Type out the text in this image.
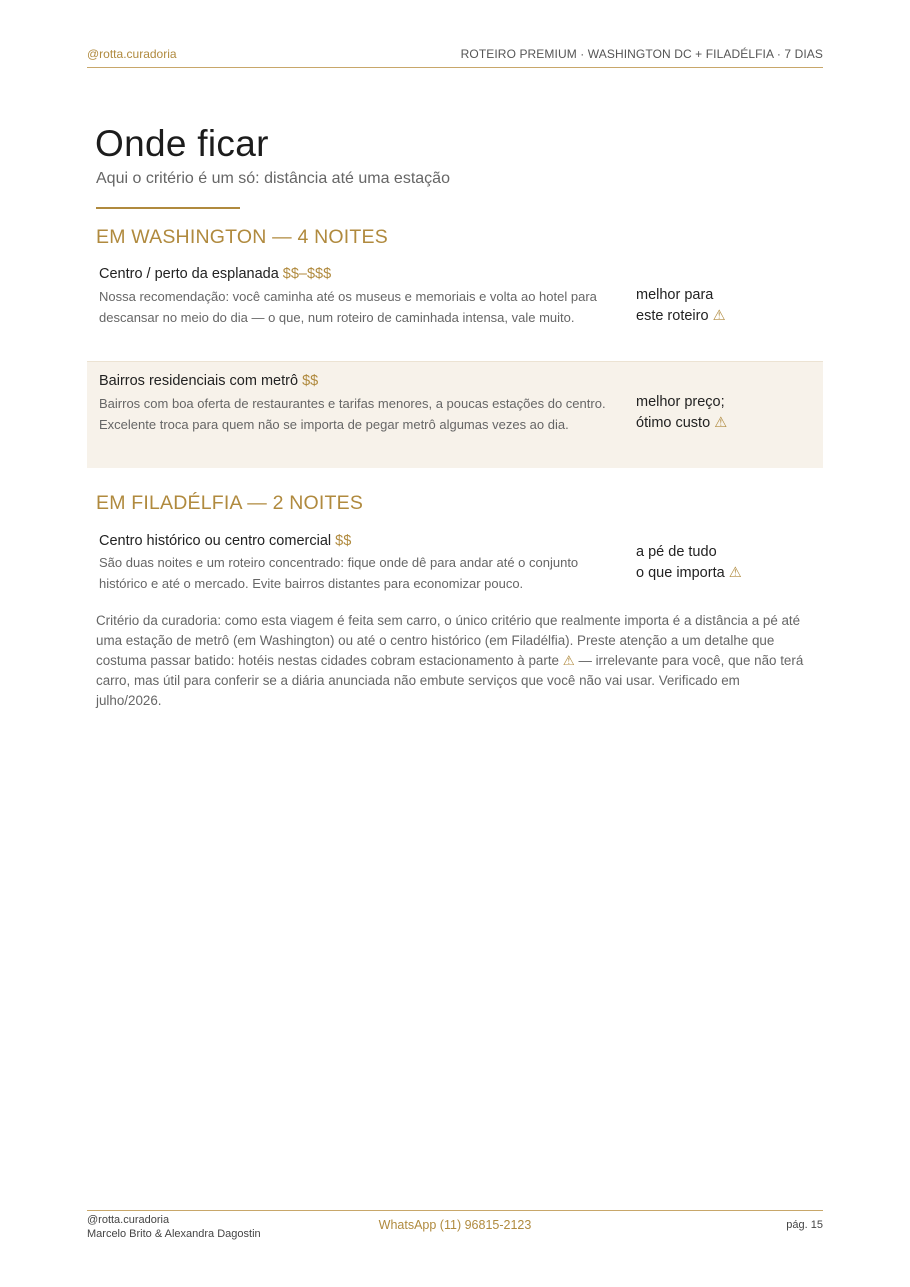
@rotta.curadoria	ROTEIRO PREMIUM · WASHINGTON DC + FILADÉLFIA · 7 DIAS
Onde ficar
Aqui o critério é um só: distância até uma estação
EM WASHINGTON — 4 NOITES
Centro / perto da esplanada $$–$$$
Nossa recomendação: você caminha até os museus e memoriais e volta ao hotel para descansar no meio do dia — o que, num roteiro de caminhada intensa, vale muito.
melhor para
este roteiro ⚠
Bairros residenciais com metrô $$
Bairros com boa oferta de restaurantes e tarifas menores, a poucas estações do centro. Excelente troca para quem não se importa de pegar metrô algumas vezes ao dia.
melhor preço;
ótimo custo ⚠
EM FILADÉLFIA — 2 NOITES
Centro histórico ou centro comercial $$
São duas noites e um roteiro concentrado: fique onde dê para andar até o conjunto histórico e até o mercado. Evite bairros distantes para economizar pouco.
a pé de tudo
o que importa ⚠
Critério da curadoria: como esta viagem é feita sem carro, o único critério que realmente importa é a distância a pé até uma estação de metrô (em Washington) ou até o centro histórico (em Filadélfia). Preste atenção a um detalhe que costuma passar batido: hotéis nestas cidades cobram estacionamento à parte ⚠ — irrelevante para você, que não terá carro, mas útil para conferir se a diária anunciada não embute serviços que você não vai usar. Verificado em julho/2026.
@rotta.curadoria
Marcelo Brito & Alexandra Dagostin
WhatsApp (11) 96815-2123	pág. 15
